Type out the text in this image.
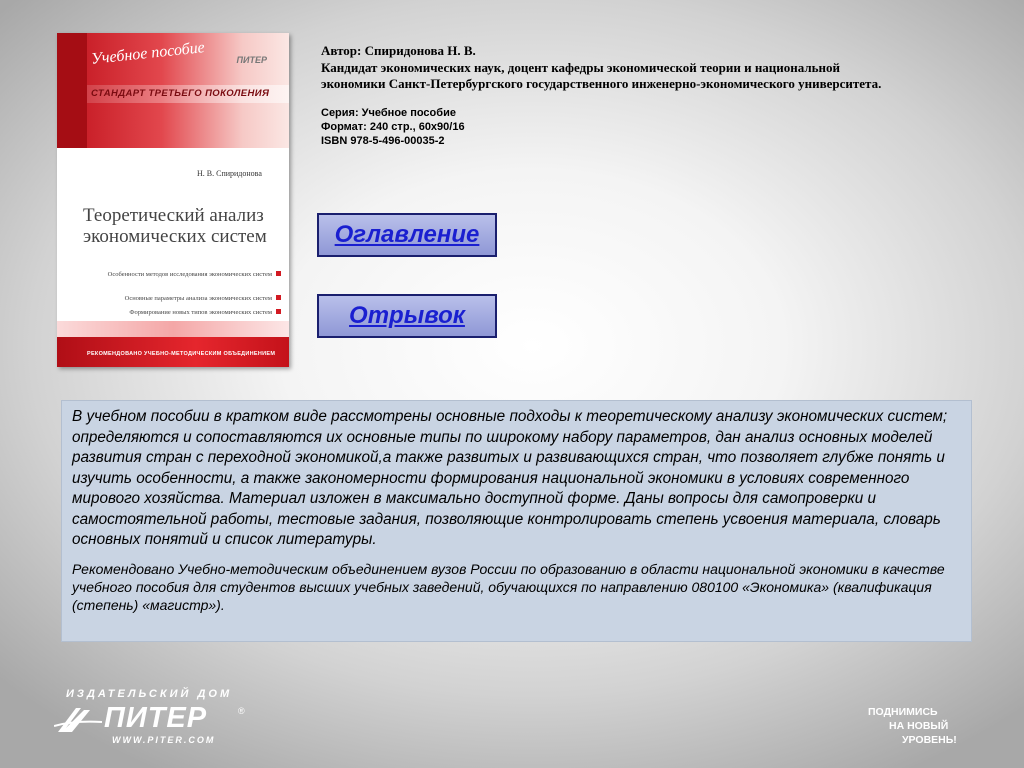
Учебное пособие	ПИТЕР
СТАНДАРТ ТРЕТЬЕГО ПОКОЛЕНИЯ
Н. В. Спиридонова
Теоретический анализ экономических систем
Особенности методов исследования экономических систем
Основные параметры анализа экономических систем
Формирование новых типов экономических систем
РЕКОМЕНДОВАНО УЧЕБНО-МЕТОДИЧЕСКИМ ОБЪЕДИНЕНИЕМ
Автор: Спиридонова Н. В.
Кандидат экономических наук, доцент кафедры экономической теории и национальной
экономики Санкт-Петербургского государственного инженерно-экономического университета.
Серия: Учебное пособие
Формат: 240 стр., 60x90/16
ISBN 978-5-496-00035-2
Оглавление
Отрывок

В учебном пособии в кратком виде рассмотрены основные подходы к теоретическому анализу экономических систем; определяются и сопоставляются их основные типы по широкому набору параметров, дан анализ основных моделей развития стран с переходной экономикой,а также развитых и развивающихся стран, что позволяет глубже понять и изучить особенности, а также закономерности формирования национальной экономики в условиях современного мирового хозяйства. Материал изложен в максимально доступной форме. Даны вопросы для самопроверки и самостоятельной работы, тестовые задания, позволяющие контролировать степень усвоения материала, словарь основных понятий и список литературы.

Рекомендовано Учебно-методическим объединением вузов России по образованию в области национальной экономики в качестве учебного пособия для студентов высших учебных заведений, обучающихся по направлению 080100 «Экономика» (квалификация (степень) «магистр»).

ИЗДАТЕЛЬСКИЙ ДОМ
ПИТЕР	®
WWW.PITER.COM
ПОДНИМИСЬ
НА НОВЫЙ
УРОВЕНЬ!
